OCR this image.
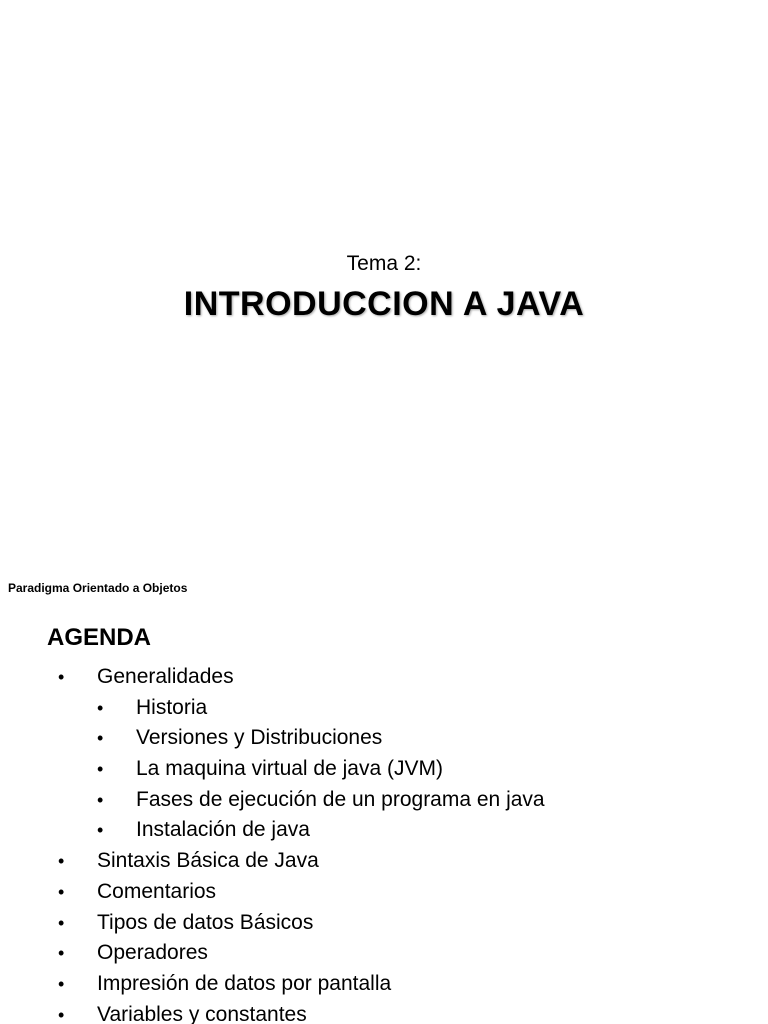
Tema 2:

INTRODUCCION A JAVA
Paradigma Orientado a Objetos
AGENDA
• Generalidades
• Historia
• Versiones y Distribuciones
• La maquina virtual de java (JVM)
• Fases de ejecución de un programa en java
• Instalación de java
• Sintaxis Básica de Java
• Comentarios
• Tipos de datos Básicos
• Operadores
• Impresión de datos por pantalla
• Variables y constantes
